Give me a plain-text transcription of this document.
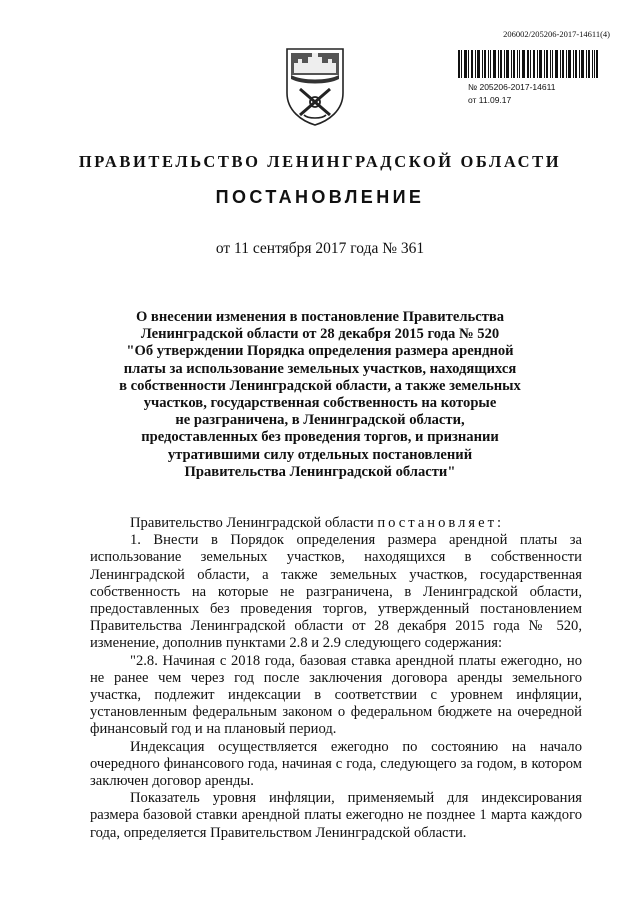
206002/205206-2017-14611(4)
№ 205206-2017-14611
от 11.09.17
ПРАВИТЕЛЬСТВО ЛЕНИНГРАДСКОЙ ОБЛАСТИ
ПОСТАНОВЛЕНИЕ
от 11 сентября 2017 года № 361
О внесении изменения в постановление Правительства
Ленинградской области от 28 декабря 2015 года № 520
"Об утверждении Порядка определения размера арендной
платы за использование земельных участков, находящихся
в собственности Ленинградской области, а также земельных
участков, государственная собственность на которые
не разграничена, в Ленинградской области,
предоставленных без проведения торгов, и признании
утратившими силу отдельных постановлений
Правительства Ленинградской области"

Правительство Ленинградской области постановляет:

1. Внести в Порядок определения размера арендной платы за использование земельных участков, находящихся в собственности Ленинградской области, а также земельных участков, государственная собственность на которые не разграничена, в Ленинградской области, предоставленных без проведения торгов, утвержденный постановлением Правительства Ленинградской области от 28 декабря 2015 года № 520, изменение, дополнив пунктами 2.8 и 2.9 следующего содержания:

"2.8. Начиная с 2018 года, базовая ставка арендной платы ежегодно, но не ранее чем через год после заключения договора аренды земельного участка, подлежит индексации в соответствии с уровнем инфляции, установленным федеральным законом о федеральном бюджете на очередной финансовый год и на плановый период.

Индексация осуществляется ежегодно по состоянию на начало очередного финансового года, начиная с года, следующего за годом, в котором заключен договор аренды.

Показатель уровня инфляции, применяемый для индексирования размера базовой ставки арендной платы ежегодно не позднее 1 марта каждого года, определяется Правительством Ленинградской области.
